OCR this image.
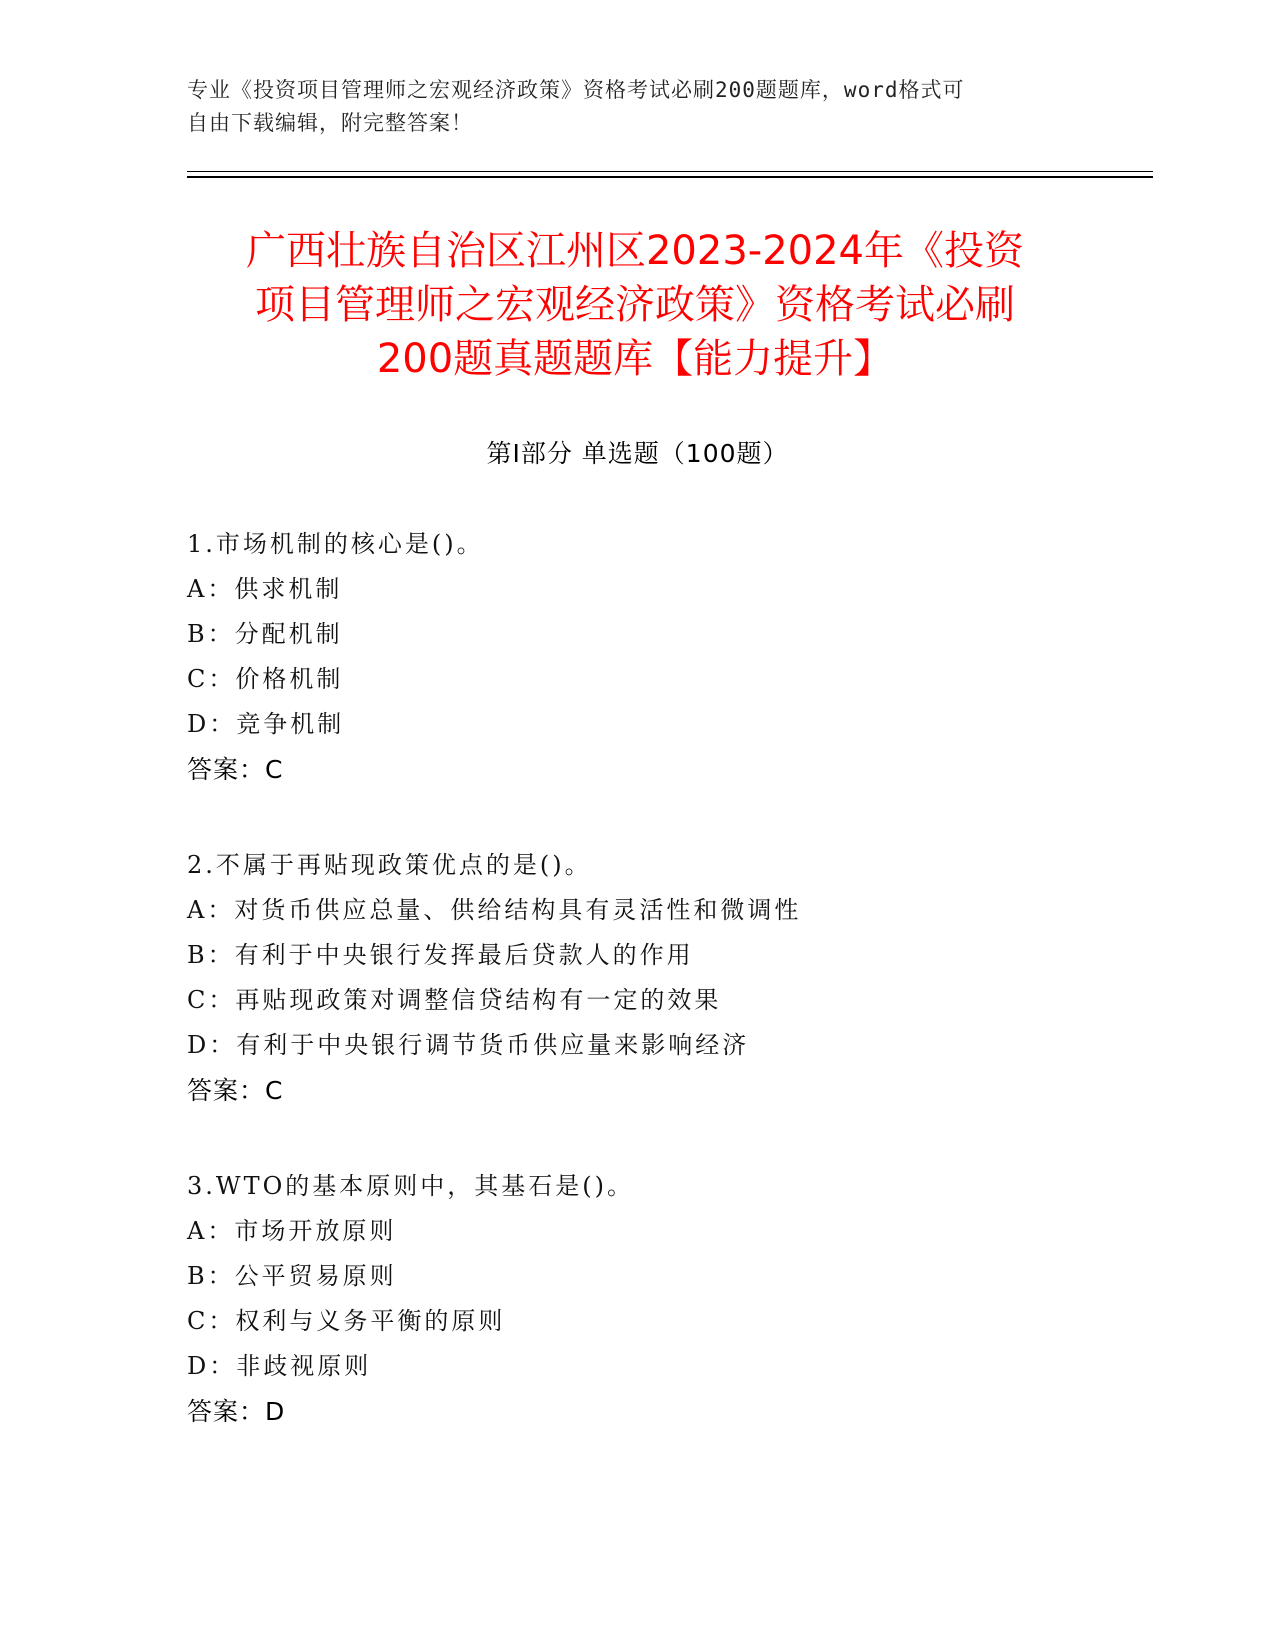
专业《投资项目管理师之宏观经济政策》资格考试必刷200题题库，word格式可
自由下载编辑，附完整答案！
广西壮族自治区江州区2023-2024年《投资
项目管理师之宏观经济政策》资格考试必刷
200题真题题库【能力提升】
第Ⅰ部分 单选题（100题）
1.市场机制的核心是()。
A：供求机制
B：分配机制
C：价格机制
D：竞争机制
答案：C
2.不属于再贴现政策优点的是()。
A：对货币供应总量、供给结构具有灵活性和微调性
B：有利于中央银行发挥最后贷款人的作用
C：再贴现政策对调整信贷结构有一定的效果
D：有利于中央银行调节货币供应量来影响经济
答案：C
3.WTO的基本原则中，其基石是()。
A：市场开放原则
B：公平贸易原则
C：权利与义务平衡的原则
D：非歧视原则
答案：D
